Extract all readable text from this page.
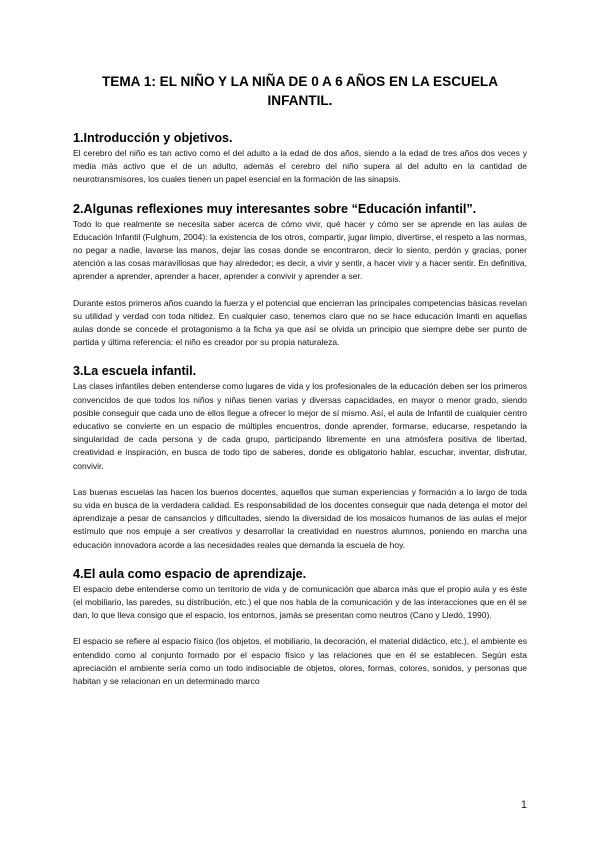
TEMA 1: EL NIÑO Y LA NIÑA DE 0 A 6 AÑOS EN LA ESCUELA
INFANTIL.
1.Introducción y objetivos.

El cerebro del niño es tan activo como el del adulto a la edad de dos años, siendo a la edad de tres años dos veces y media más activo que el de un adulto, además el cerebro del niño supera al del adulto en la cantidad de neurotransmisores, los cuales tienen un papel esencial en la formación de las sinapsis.

2.Algunas reflexiones muy interesantes sobre “Educación infantil”.

Todo lo que realmente se necesita saber acerca de cómo vivir, qué hacer y cómo ser se aprende en las aulas de Educación Infantil (Fulghum, 2004): la existencia de los otros, compartir, jugar limpio, divertirse, el respeto a las normas, no pegar a nadie, lavarse las manos, dejar las cosas donde se encontraron, decir lo siento, perdón y gracias, poner atención a las cosas maravillosas que hay alrededor; es decir, a vivir y sentir, a hacer vivir y a hacer sentir. En definitiva, aprender a aprender, aprender a hacer, aprender a convivir y aprender a ser.

Durante estos primeros años cuando la fuerza y el potencial que encierran las principales competencias básicas revelan su utilidad y verdad con toda nitidez. En cualquier caso, tenemos claro que no se hace educación Imanti en aquellas aulas donde se concede el protagonismo a la ficha ya que así se olvida un principio que siempre debe ser punto de partida y última referencia: el niño es creador por su propia naturaleza.

3.La escuela infantil.

Las clases infantiles deben entenderse como lugares de vida y los profesionales de la educación deben ser los primeros convencidos de que todos los niños y niñas tienen varias y diversas capacidades, en mayor o menor grado, siendo posible conseguir que cada uno de ellos llegue a ofrecer lo mejor de sí mismo. Así, el aula de Infantil de cualquier centro educativo se convierte en un espacio de múltiples encuentros, donde aprender, formarse, educarse, respetando la singularidad de cada persona y de cada grupo, participando libremente en una atmósfera positiva de libertad, creatividad e inspiración, en busca de todo tipo de saberes, donde es obligatorio hablar, escuchar, inventar, disfrutar, convivir.

Las buenas escuelas las hacen los buenos docentes, aquellos que suman experiencias y formación a lo largo de toda su vida en busca de la verdadera calidad. Es responsabilidad de los docentes conseguir que nada detenga el motor del aprendizaje a pesar de cansancios y dificultades, siendo la diversidad de los mosaicos humanos de las aulas el mejor estímulo que nos empuje a ser creativos y desarrollar la creatividad en nuestros alumnos, poniendo en marcha una educación innovadora acorde a las necesidades reales que demanda la escuela de hoy.

4.El aula como espacio de aprendizaje.

El espacio debe entenderse como un territorio de vida y de comunicación que abarca más que el propio aula y es éste (el mobiliario, las paredes, su distribución, etc.) el que nos habla de la comunicación y de las interacciones que en él se dan, lo que lleva consigo que el espacio, los entornos, jamás se presentan como neutros (Cano y Lledó, 1990).

El espacio se refiere al espacio físico (los objetos, el mobiliario, la decoración, el material didáctico, etc.), el ambiente es entendido como al conjunto formado por el espacio físico y las relaciones que en él se establecen. Según esta apreciación el ambiente sería como un todo indisociable de objetos, olores, formas, colores, sonidos, y personas que habitan y se relacionan en un determinado marco

1
